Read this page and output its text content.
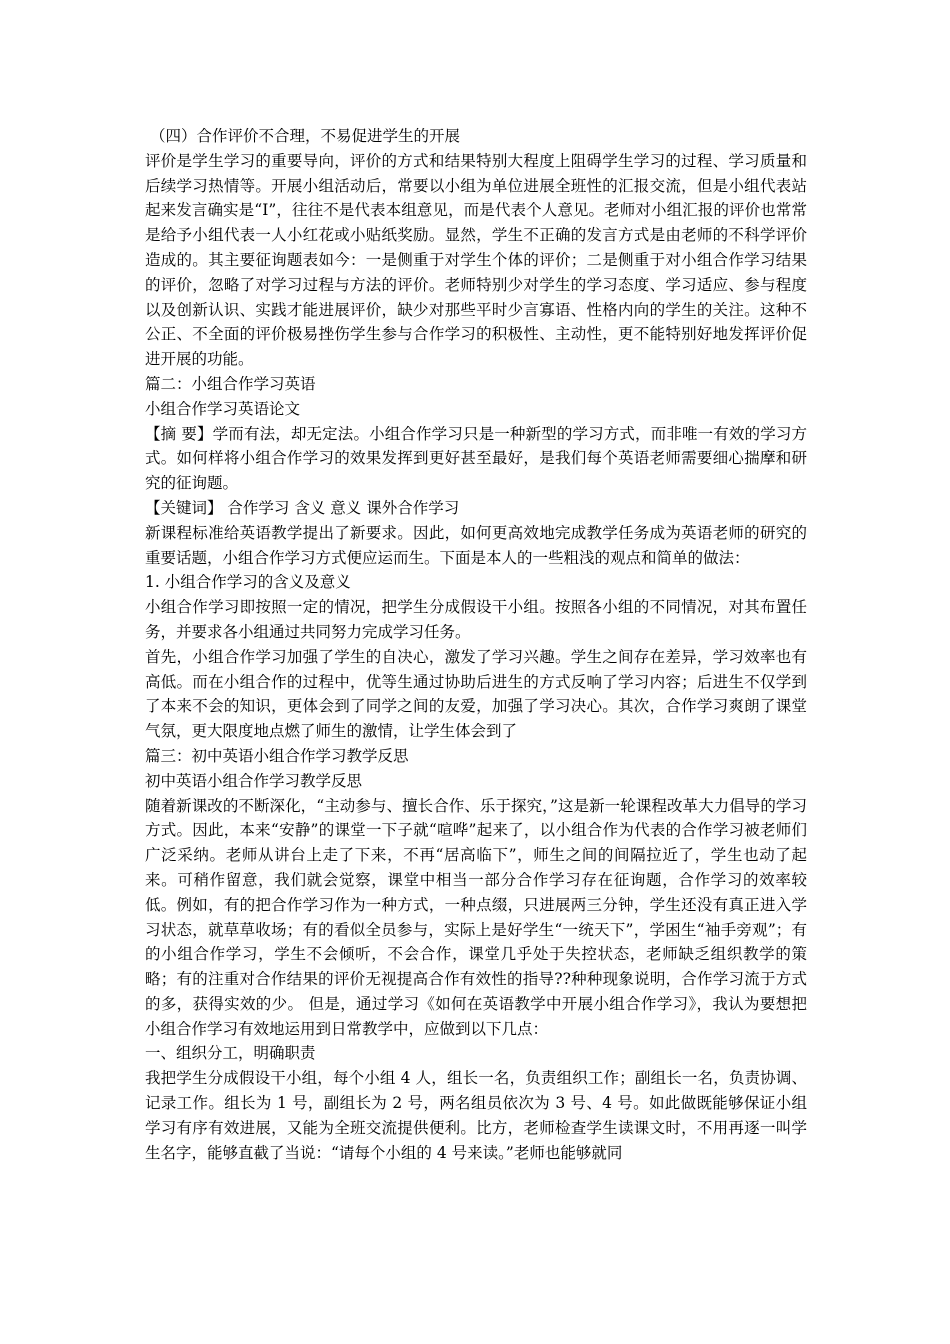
（四）合作评价不合理，不易促进学生的开展

评价是学生学习的重要导向，评价的方式和结果特别大程度上阻碍学生学习的过程、学习质量和后续学习热情等。开展小组活动后，常要以小组为单位进展全班性的汇报交流，但是小组代表站起来发言确实是“I”，往往不是代表本组意见，而是代表个人意见。老师对小组汇报的评价也常常是给予小组代表一人小红花或小贴纸奖励。显然，学生不正确的发言方式是由老师的不科学评价造成的。其主要征询题表如今：一是侧重于对学生个体的评价；二是侧重于对小组合作学习结果的评价，忽略了对学习过程与方法的评价。老师特别少对学生的学习态度、学习适应、参与程度以及创新认识、实践才能进展评价，缺少对那些平时少言寡语、性格内向的学生的关注。这种不公正、不全面的评价极易挫伤学生参与合作学习的积极性、主动性，更不能特别好地发挥评价促进开展的功能。

篇二：小组合作学习英语

小组合作学习英语论文

【摘 要】学而有法，却无定法。小组合作学习只是一种新型的学习方式，而非唯一有效的学习方式。如何样将小组合作学习的效果发挥到更好甚至最好，是我们每个英语老师需要细心揣摩和研究的征询题。

【关键词】 合作学习 含义 意义 课外合作学习

新课程标准给英语教学提出了新要求。因此，如何更高效地完成教学任务成为英语老师的研究的重要话题，小组合作学习方式便应运而生。下面是本人的一些粗浅的观点和简单的做法：

1. 小组合作学习的含义及意义

小组合作学习即按照一定的情况，把学生分成假设干小组。按照各小组的不同情况，对其布置任务，并要求各小组通过共同努力完成学习任务。

首先，小组合作学习加强了学生的自决心，激发了学习兴趣。学生之间存在差异，学习效率也有高低。而在小组合作的过程中，优等生通过协助后进生的方式反响了学习内容；后进生不仅学到了本来不会的知识，更体会到了同学之间的友爱，加强了学习决心。其次，合作学习爽朗了课堂气氛，更大限度地点燃了师生的激情，让学生体会到了

篇三：初中英语小组合作学习教学反思

初中英语小组合作学习教学反思

随着新课改的不断深化，“主动参与、擅长合作、乐于探究，”这是新一轮课程改革大力倡导的学习方式。因此，本来“安静”的课堂一下子就“喧哗”起来了，以小组合作为代表的合作学习被老师们广泛采纳。老师从讲台上走了下来，不再“居高临下”，师生之间的间隔拉近了，学生也动了起来。可稍作留意，我们就会觉察，课堂中相当一部分合作学习存在征询题，合作学习的效率较低。例如，有的把合作学习作为一种方式，一种点缀，只进展两三分钟，学生还没有真正进入学习状态，就草草收场；有的看似全员参与，实际上是好学生“一统天下”，学困生“袖手旁观”；有的小组合作学习，学生不会倾听，不会合作，课堂几乎处于失控状态，老师缺乏组织教学的策略；有的注重对合作结果的评价无视提高合作有效性的指导??种种现象说明，合作学习流于方式的多，获得实效的少。 但是，通过学习《如何在英语教学中开展小组合作学习》，我认为要想把小组合作学习有效地运用到日常教学中，应做到以下几点：

一、组织分工，明确职责

我把学生分成假设干小组，每个小组 4 人，组长一名，负责组织工作；副组长一名，负责协调、记录工作。组长为 1 号，副组长为 2 号，两名组员依次为 3 号、4 号。如此做既能够保证小组学习有序有效进展，又能为全班交流提供便利。比方，老师检查学生读课文时，不用再逐一叫学生名字，能够直截了当说：“请每个小组的 4 号来读。”老师也能够就同
